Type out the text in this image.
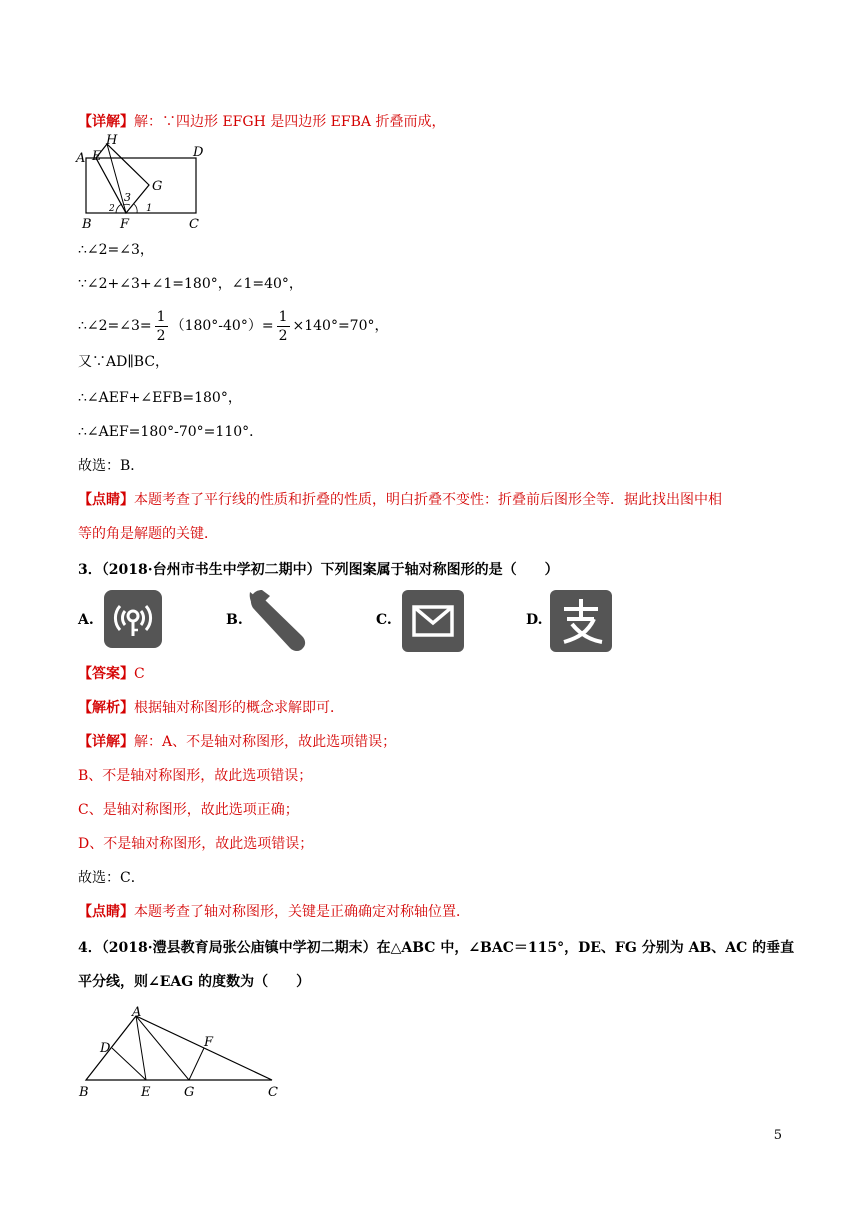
【详解】解：∵四边形 EFGH 是四边形 EFBA 折叠而成，
A E
H
D
G
B F	C
1
2
3
∴∠2=∠3，
∵∠2+∠3+∠1=180°，∠1=40°，
∴∠2=∠3= $\frac{1}{2} (180^\circ-40^\circ)= \frac{1}{2} \times 140^\circ=70^\circ$，
又∵AD∥BC，
∴∠AEF+∠EFB=180°，
∴∠AEF=180°-70°=110°．
故选：B．
【点睛】本题考查了平行线的性质和折叠的性质，明白折叠不变性：折叠前后图形全等．据此找出图中相
等的角是解题的关键．
3．（2018·台州市书生中学初二期中）下列图案属于轴对称图形的是（　　）
A.	B.	C.	D.
【答案】C
【解析】根据轴对称图形的概念求解即可．
【详解】解：A、不是轴对称图形，故此选项错误；
B、不是轴对称图形，故此选项错误；
C、是轴对称图形，故此选项正确；
D、不是轴对称图形，故此选项错误；
故选：C．
【点睛】本题考查了轴对称图形，关键是正确确定对称轴位置．
4．（2018·澧县教育局张公庙镇中学初二期末）在△ABC 中，∠BAC＝115°，DE、FG 分别为 AB、AC 的垂直
平分线，则∠EAG 的度数为（　　）
A
D	F
B	E	G	C
5
